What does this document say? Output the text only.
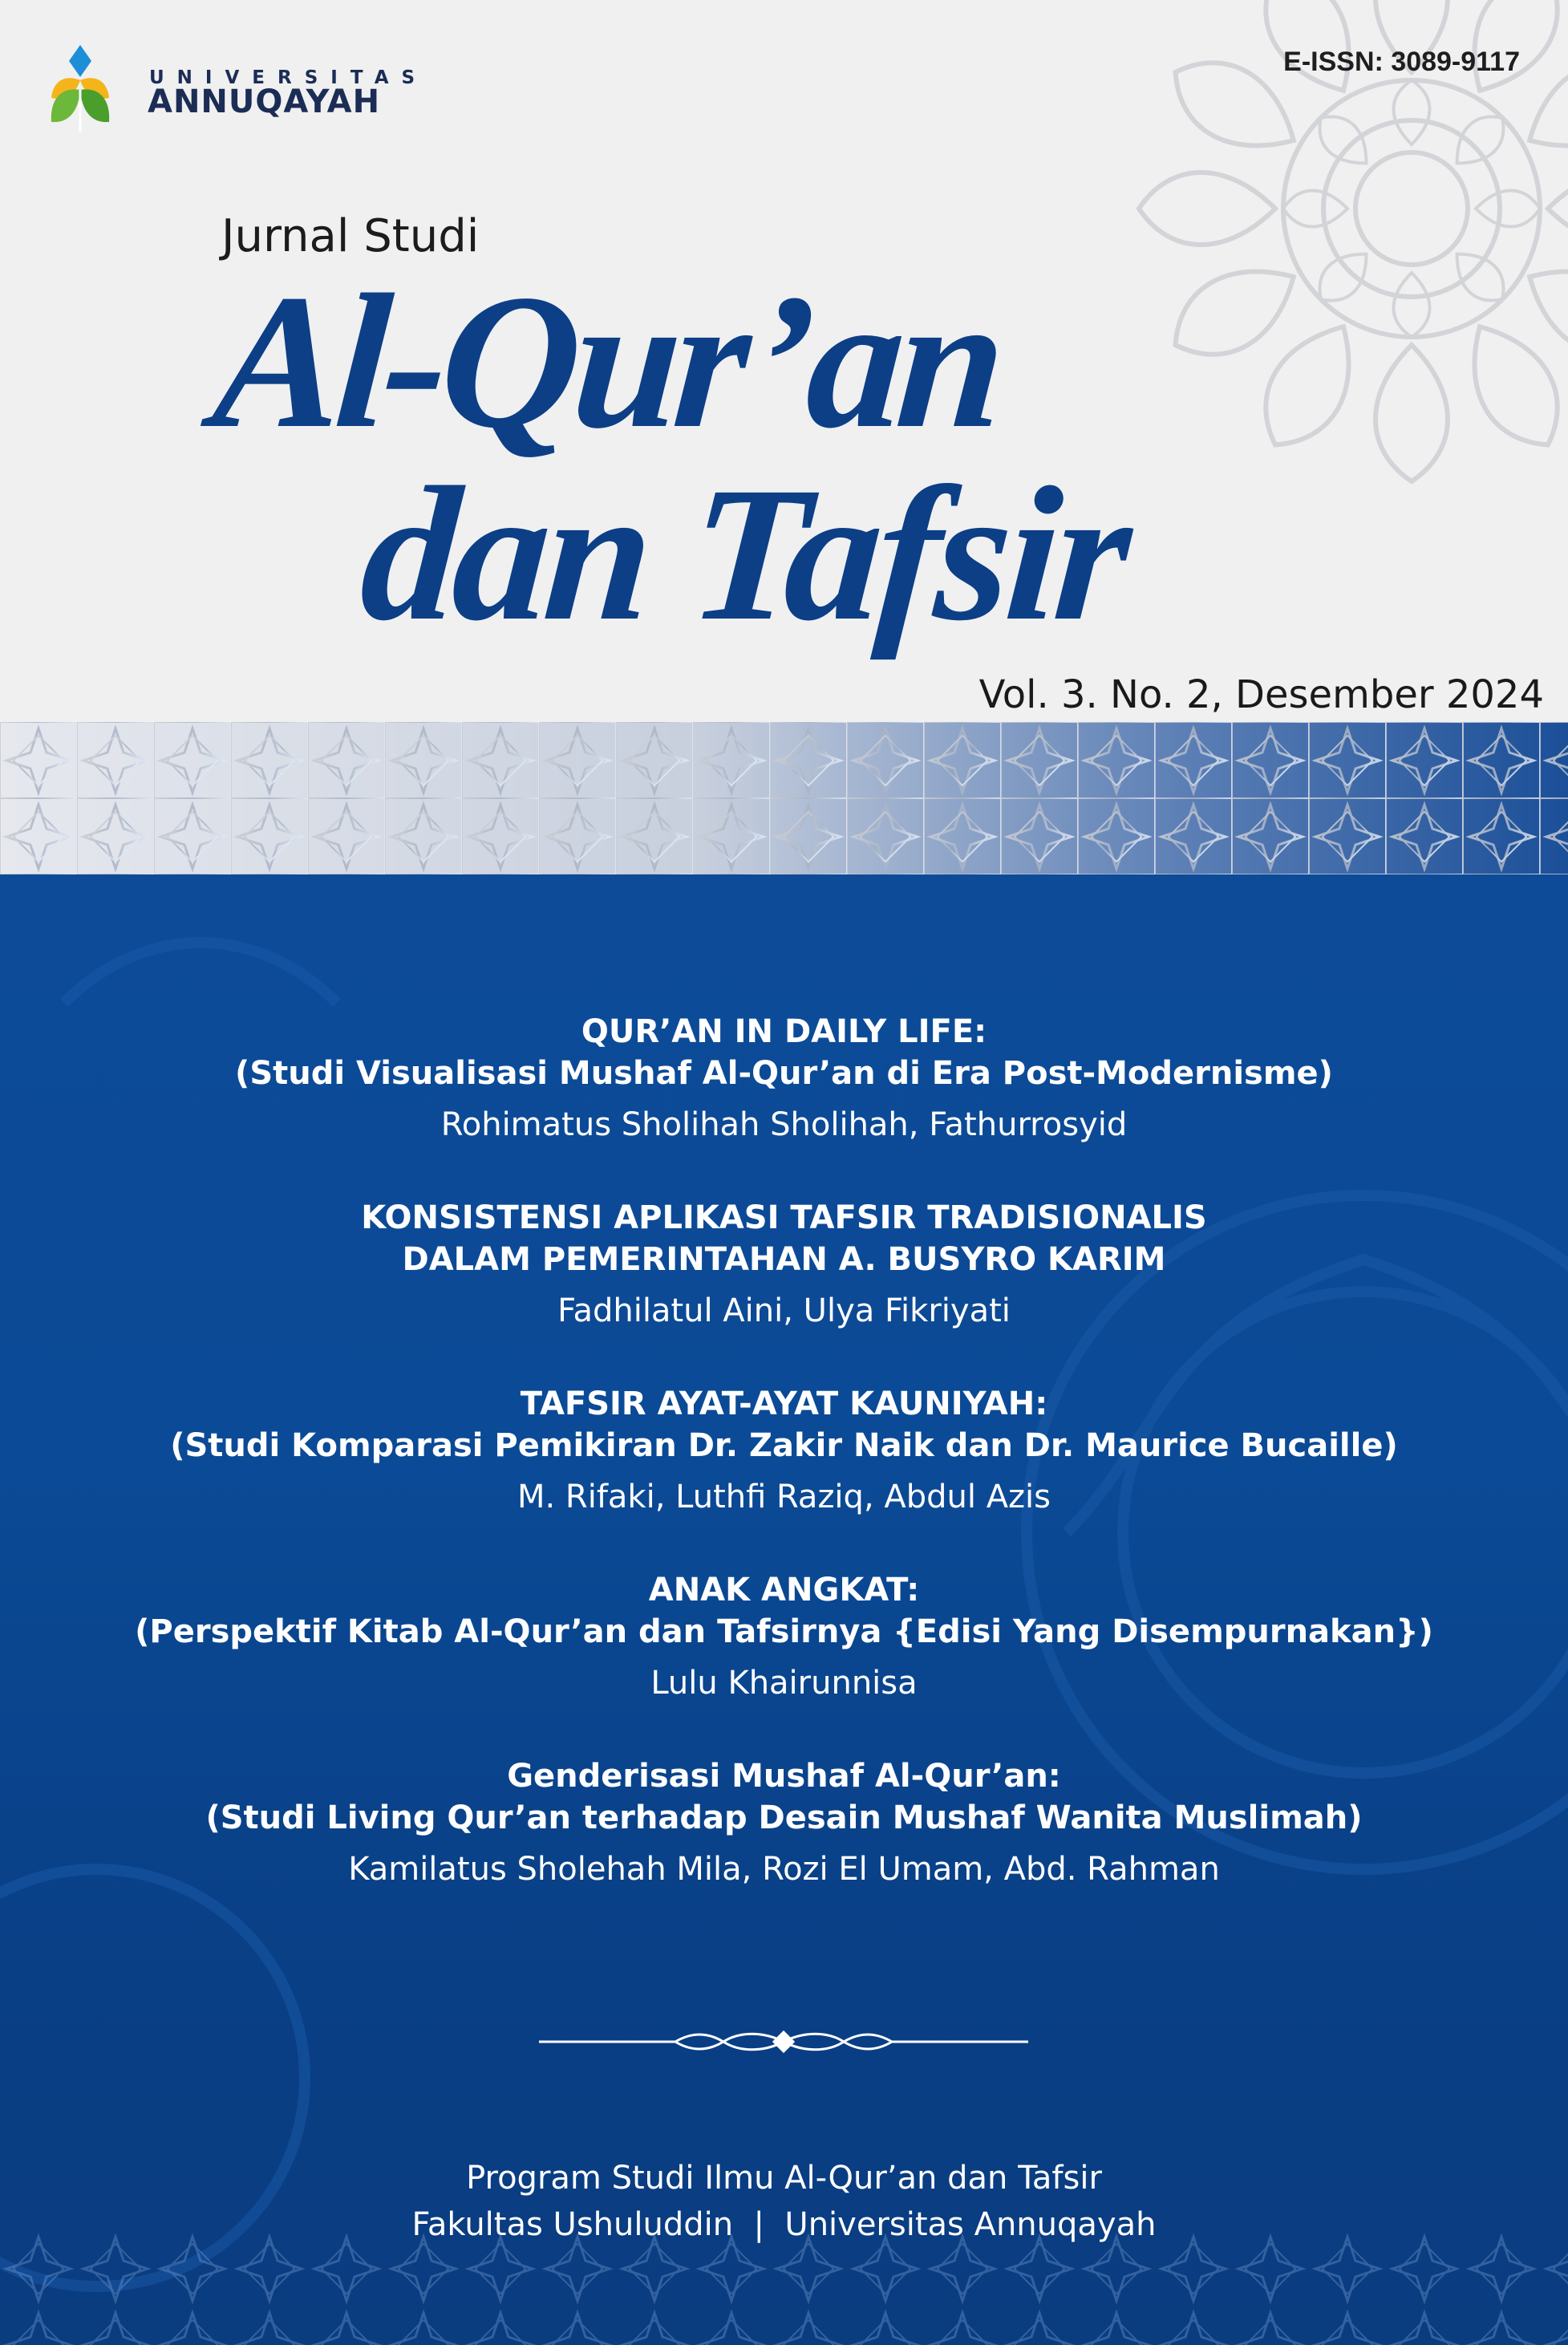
UNIVERSITAS
ANNUQAYAH
E-ISSN: 3089-9117
Jurnal Studi
Al-Qur’an
dan Tafsir
Vol. 3. No. 2, Desember 2024

QUR’AN IN DAILY LIFE:

(Studi Visualisasi Mushaf Al-Qur’an di Era Post-Modernisme)

Rohimatus Sholihah Sholihah, Fathurrosyid

KONSISTENSI APLIKASI TAFSIR TRADISIONALIS

DALAM PEMERINTAHAN A. BUSYRO KARIM

Fadhilatul Aini, Ulya Fikriyati

TAFSIR AYAT-AYAT KAUNIYAH:

(Studi Komparasi Pemikiran Dr. Zakir Naik dan Dr. Maurice Bucaille)

M. Rifaki, Luthfi Raziq, Abdul Azis

ANAK ANGKAT:

(Perspektif Kitab Al-Qur’an dan Tafsirnya {Edisi Yang Disempurnakan})

Lulu Khairunnisa

Genderisasi Mushaf Al-Qur’an:

(Studi Living Qur’an terhadap Desain Mushaf Wanita Muslimah)

Kamilatus Sholehah Mila, Rozi El Umam, Abd. Rahman

Program Studi Ilmu Al-Qur’an dan Tafsir
Fakultas Ushuluddin  |  Universitas Annuqayah
